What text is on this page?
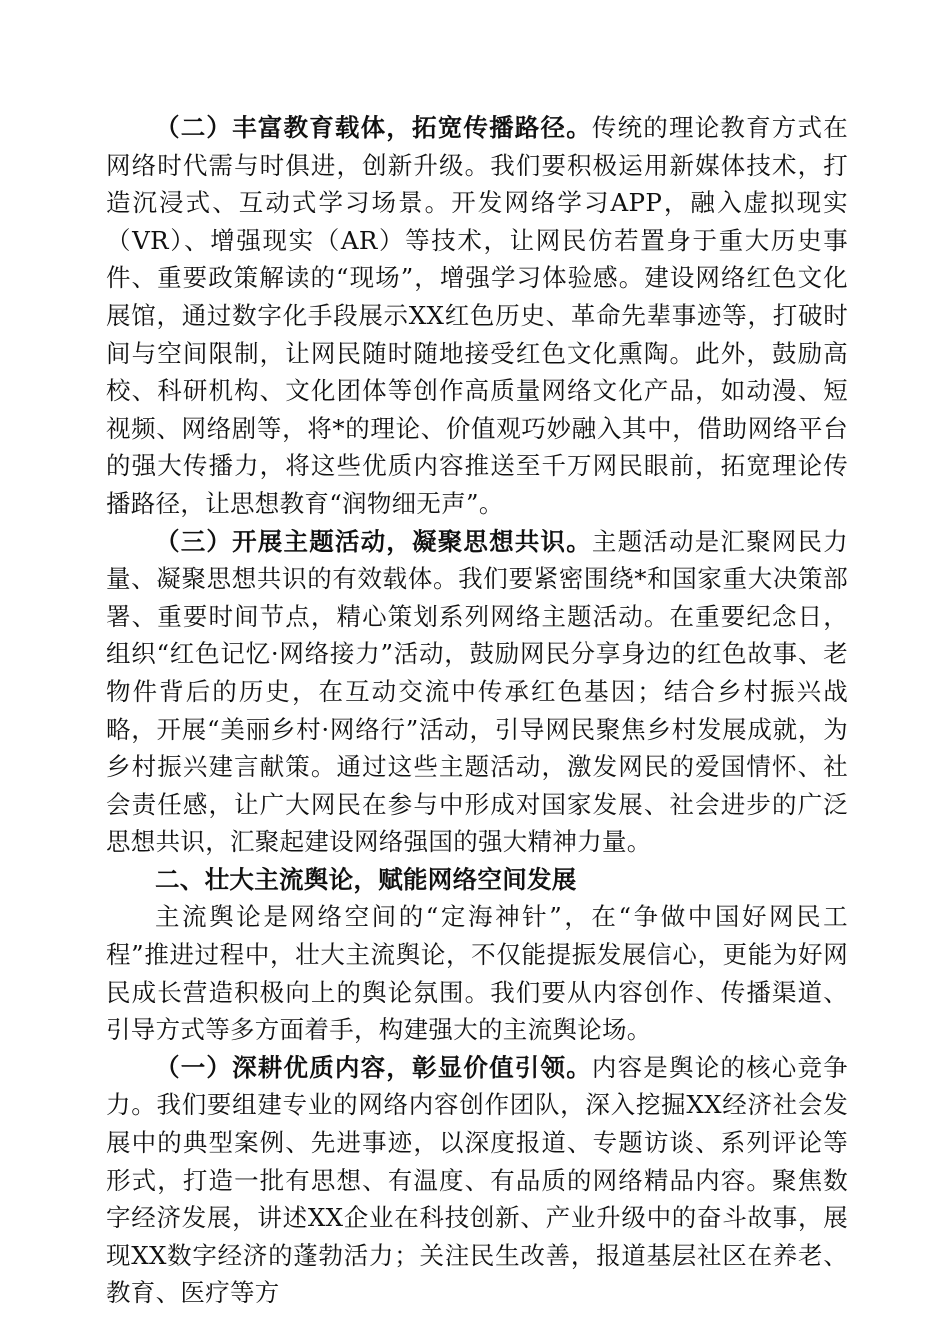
（二）丰富教育载体，拓宽传播路径。传统的理论教育方式在网络时代需与时俱进，创新升级。我们要积极运用新媒体技术，打造沉浸式、互动式学习场景。开发网络学习APP，融入虚拟现实（VR）、增强现实（AR）等技术，让网民仿若置身于重大历史事件、重要政策解读的“现场”，增强学习体验感。建设网络红色文化展馆，通过数字化手段展示XX红色历史、革命先辈事迹等，打破时间与空间限制，让网民随时随地接受红色文化熏陶。此外，鼓励高校、科研机构、文化团体等创作高质量网络文化产品，如动漫、短视频、网络剧等，将*的理论、价值观巧妙融入其中，借助网络平台的强大传播力，将这些优质内容推送至千万网民眼前，拓宽理论传播路径，让思想教育“润物细无声”。

（三）开展主题活动，凝聚思想共识。主题活动是汇聚网民力量、凝聚思想共识的有效载体。我们要紧密围绕*和国家重大决策部署、重要时间节点，精心策划系列网络主题活动。在重要纪念日，组织“红色记忆·网络接力”活动，鼓励网民分享身边的红色故事、老物件背后的历史，在互动交流中传承红色基因；结合乡村振兴战略，开展“美丽乡村·网络行”活动，引导网民聚焦乡村发展成就，为乡村振兴建言献策。通过这些主题活动，激发网民的爱国情怀、社会责任感，让广大网民在参与中形成对国家发展、社会进步的广泛思想共识，汇聚起建设网络强国的强大精神力量。

二、壮大主流舆论，赋能网络空间发展

主流舆论是网络空间的“定海神针”，在“争做中国好网民工程”推进过程中，壮大主流舆论，不仅能提振发展信心，更能为好网民成长营造积极向上的舆论氛围。我们要从内容创作、传播渠道、引导方式等多方面着手，构建强大的主流舆论场。

（一）深耕优质内容，彰显价值引领。内容是舆论的核心竞争力。我们要组建专业的网络内容创作团队，深入挖掘XX经济社会发展中的典型案例、先进事迹，以深度报道、专题访谈、系列评论等形式，打造一批有思想、有温度、有品质的网络精品内容。聚焦数字经济发展，讲述XX企业在科技创新、产业升级中的奋斗故事，展现XX数字经济的蓬勃活力；关注民生改善，报道基层社区在养老、教育、医疗等方
